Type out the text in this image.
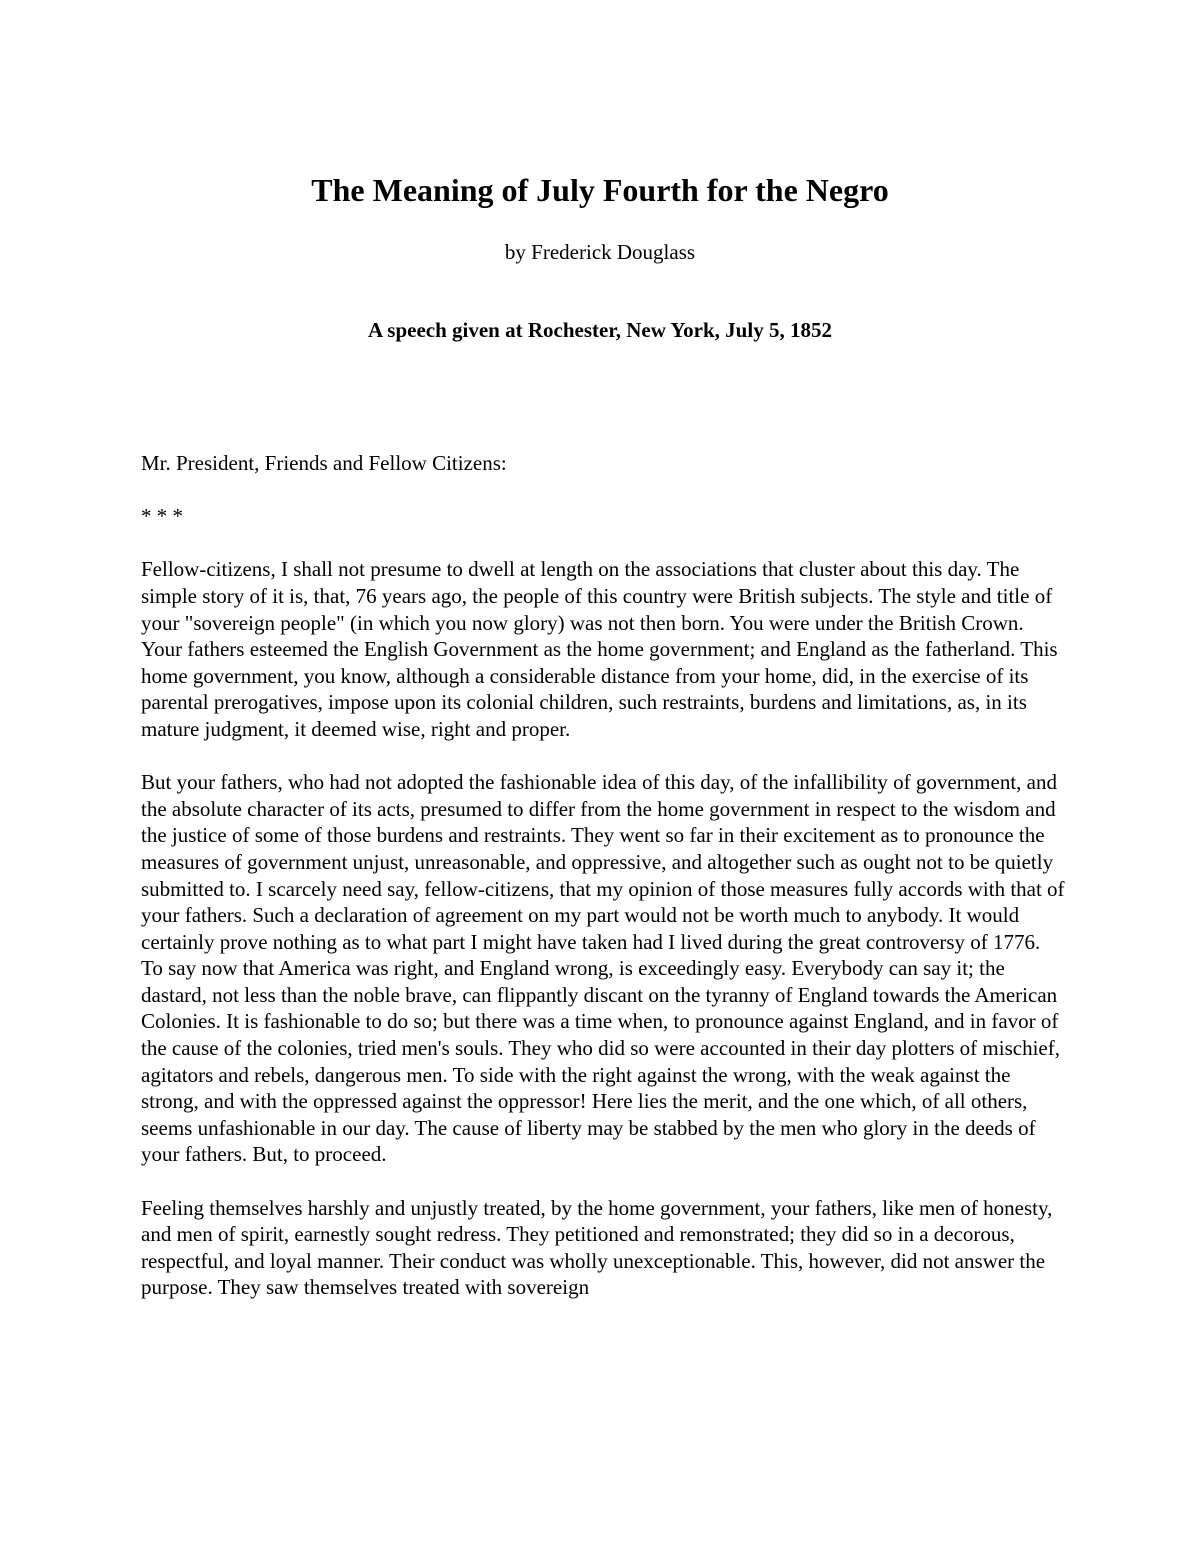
The Meaning of July Fourth for the Negro

by Frederick Douglass

A speech given at Rochester, New York, July 5, 1852

Mr. President, Friends and Fellow Citizens:

* * *

Fellow-citizens, I shall not presume to dwell at length on the associations that cluster about this day. The simple story of it is, that, 76 years ago, the people of this country were British subjects. The style and title of your "sovereign people" (in which you now glory) was not then born. You were under the British Crown. Your fathers esteemed the English Government as the home government; and England as the fatherland. This home government, you know, although a considerable distance from your home, did, in the exercise of its parental prerogatives, impose upon its colonial children, such restraints, burdens and limitations, as, in its mature judgment, it deemed wise, right and proper.

But your fathers, who had not adopted the fashionable idea of this day, of the infallibility of government, and the absolute character of its acts, presumed to differ from the home government in respect to the wisdom and the justice of some of those burdens and restraints. They went so far in their excitement as to pronounce the measures of government unjust, unreasonable, and oppressive, and altogether such as ought not to be quietly submitted to. I scarcely need say, fellow-citizens, that my opinion of those measures fully accords with that of your fathers. Such a declaration of agreement on my part would not be worth much to anybody. It would certainly prove nothing as to what part I might have taken had I lived during the great controversy of 1776. To say now that America was right, and England wrong, is exceedingly easy. Everybody can say it; the dastard, not less than the noble brave, can flippantly discant on the tyranny of England towards the American Colonies. It is fashionable to do so; but there was a time when, to pronounce against England, and in favor of the cause of the colonies, tried men's souls. They who did so were accounted in their day plotters of mischief, agitators and rebels, dangerous men. To side with the right against the wrong, with the weak against the strong, and with the oppressed against the oppressor! Here lies the merit, and the one which, of all others, seems unfashionable in our day. The cause of liberty may be stabbed by the men who glory in the deeds of your fathers. But, to proceed.

Feeling themselves harshly and unjustly treated, by the home government, your fathers, like men of honesty, and men of spirit, earnestly sought redress. They petitioned and remonstrated; they did so in a decorous, respectful, and loyal manner. Their conduct was wholly unexceptionable. This, however, did not answer the purpose. They saw themselves treated with sovereign
